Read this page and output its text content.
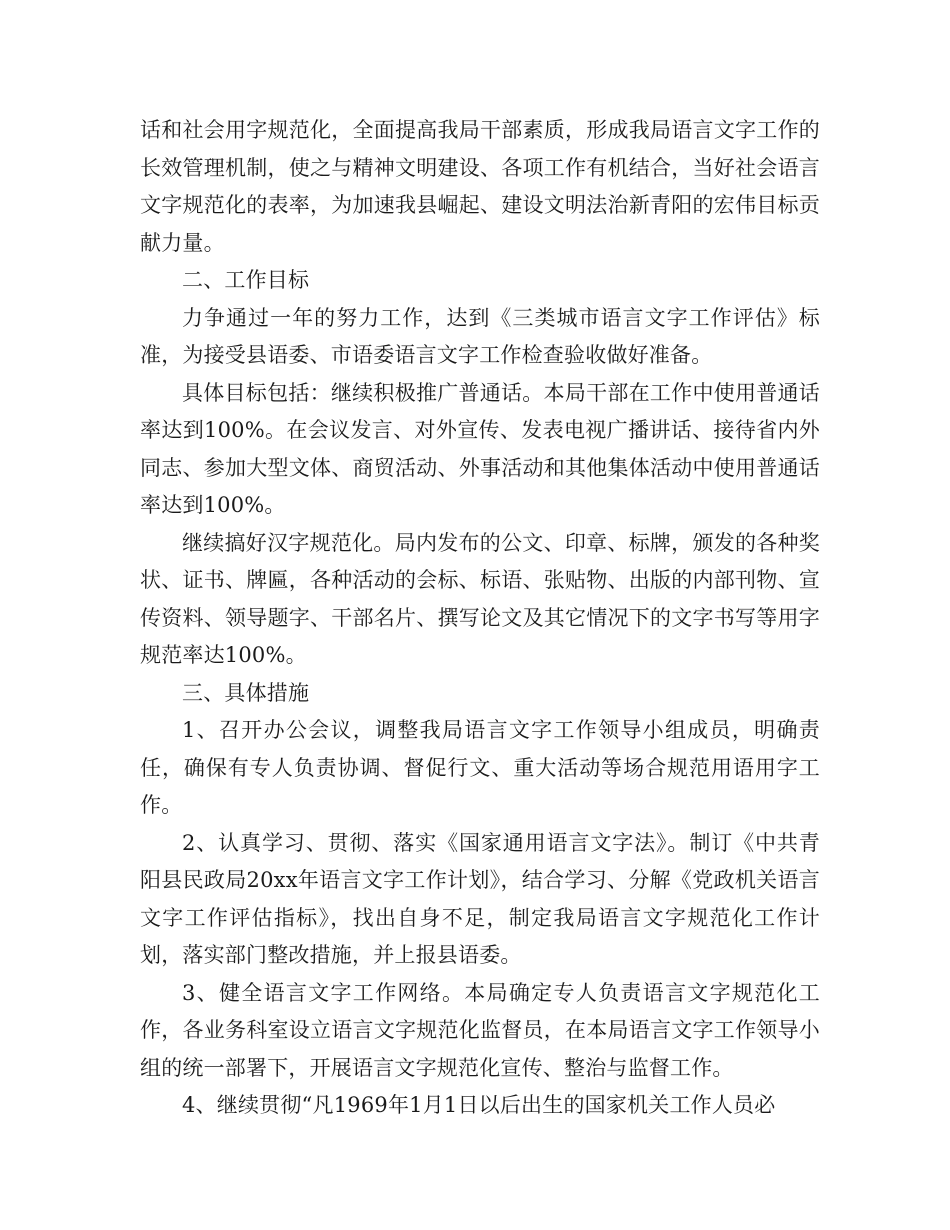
话和社会用字规范化，全面提高我局干部素质，形成我局语言文字工作的长效管理机制，使之与精神文明建设、各项工作有机结合，当好社会语言文字规范化的表率，为加速我县崛起、建设文明法治新青阳的宏伟目标贡献力量。

二、工作目标

力争通过一年的努力工作，达到《三类城市语言文字工作评估》标准，为接受县语委、市语委语言文字工作检查验收做好准备。

具体目标包括：继续积极推广普通话。本局干部在工作中使用普通话率达到100%。在会议发言、对外宣传、发表电视广播讲话、接待省内外同志、参加大型文体、商贸活动、外事活动和其他集体活动中使用普通话率达到100%。

继续搞好汉字规范化。局内发布的公文、印章、标牌，颁发的各种奖状、证书、牌匾，各种活动的会标、标语、张贴物、出版的内部刊物、宣传资料、领导题字、干部名片、撰写论文及其它情况下的文字书写等用字规范率达100%。

三、具体措施

1、召开办公会议，调整我局语言文字工作领导小组成员，明确责任，确保有专人负责协调、督促行文、重大活动等场合规范用语用字工作。

2、认真学习、贯彻、落实《国家通用语言文字法》。制订《中共青阳县民政局20xx年语言文字工作计划》，结合学习、分解《党政机关语言文字工作评估指标》，找出自身不足，制定我局语言文字规范化工作计划，落实部门整改措施，并上报县语委。

3、健全语言文字工作网络。本局确定专人负责语言文字规范化工作，各业务科室设立语言文字规范化监督员，在本局语言文字工作领导小组的统一部署下，开展语言文字规范化宣传、整治与监督工作。

4、继续贯彻“凡1969年1月1日以后出生的国家机关工作人员必
